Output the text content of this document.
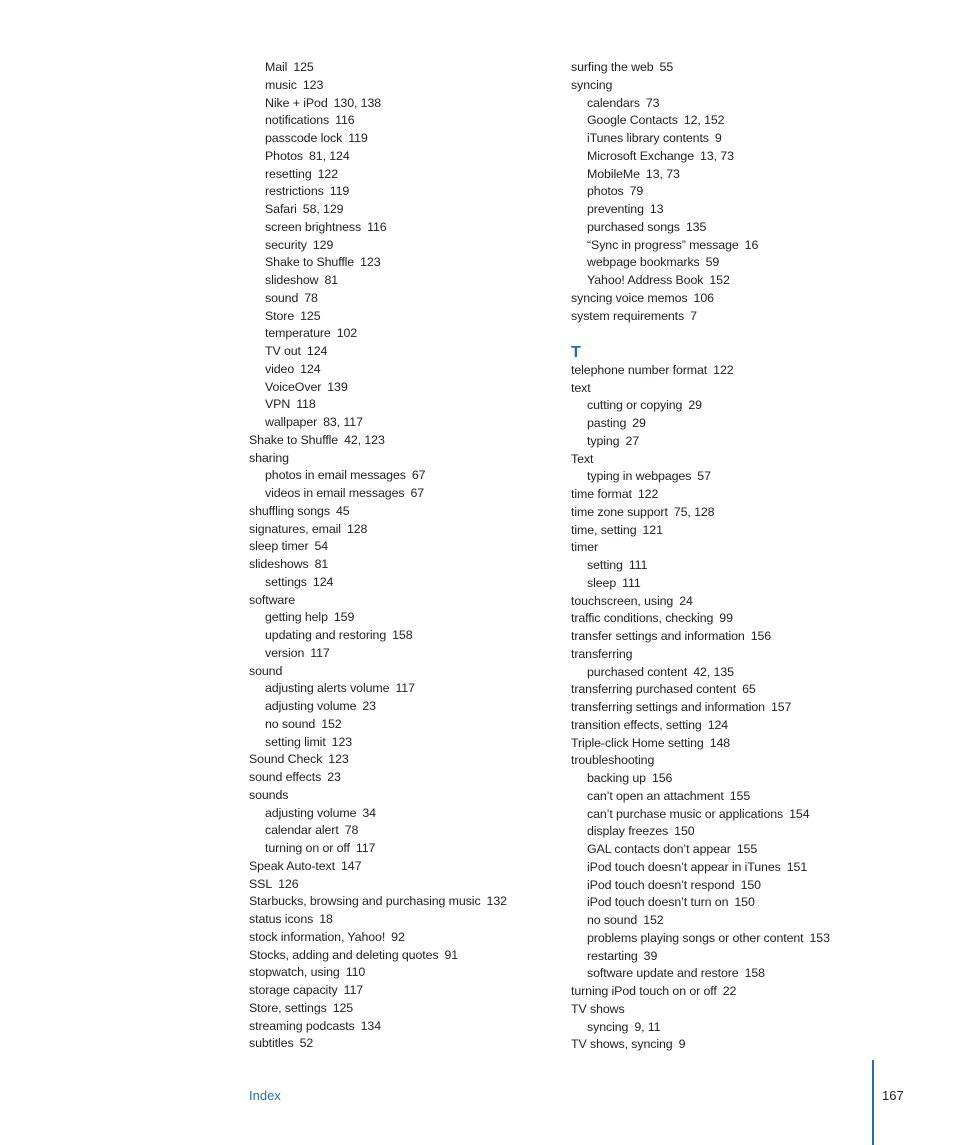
Mail 125
music 123
Nike + iPod 130, 138
notifications 116
passcode lock 119
Photos 81, 124
resetting 122
restrictions 119
Safari 58, 129
screen brightness 116
security 129
Shake to Shuffle 123
slideshow 81
sound 78
Store 125
temperature 102
TV out 124
video 124
VoiceOver 139
VPN 118
wallpaper 83, 117
Shake to Shuffle 42, 123
sharing
photos in email messages 67
videos in email messages 67
shuffling songs 45
signatures, email 128
sleep timer 54
slideshows 81
settings 124
software
getting help 159
updating and restoring 158
version 117
sound
adjusting alerts volume 117
adjusting volume 23
no sound 152
setting limit 123
Sound Check 123
sound effects 23
sounds
adjusting volume 34
calendar alert 78
turning on or off 117
Speak Auto-text 147
SSL 126
Starbucks, browsing and purchasing music 132
status icons 18
stock information, Yahoo! 92
Stocks, adding and deleting quotes 91
stopwatch, using 110
storage capacity 117
Store, settings 125
streaming podcasts 134
subtitles 52
surfing the web 55
syncing
calendars 73
Google Contacts 12, 152
iTunes library contents 9
Microsoft Exchange 13, 73
MobileMe 13, 73
photos 79
preventing 13
purchased songs 135
“Sync in progress” message 16
webpage bookmarks 59
Yahoo! Address Book 152
syncing voice memos 106
system requirements 7
T
telephone number format 122
text
cutting or copying 29
pasting 29
typing 27
Text
typing in webpages 57
time format 122
time zone support 75, 128
time, setting 121
timer
setting 111
sleep 111
touchscreen, using 24
traffic conditions, checking 99
transfer settings and information 156
transferring
purchased content 42, 135
transferring purchased content 65
transferring settings and information 157
transition effects, setting 124
Triple-click Home setting 148
troubleshooting
backing up 156
can’t open an attachment 155
can’t purchase music or applications 154
display freezes 150
GAL contacts don’t appear 155
iPod touch doesn’t appear in iTunes 151
iPod touch doesn’t respond 150
iPod touch doesn’t turn on 150
no sound 152
problems playing songs or other content 153
restarting 39
software update and restore 158
turning iPod touch on or off 22
TV shows
syncing 9, 11
TV shows, syncing 9
Index	167
